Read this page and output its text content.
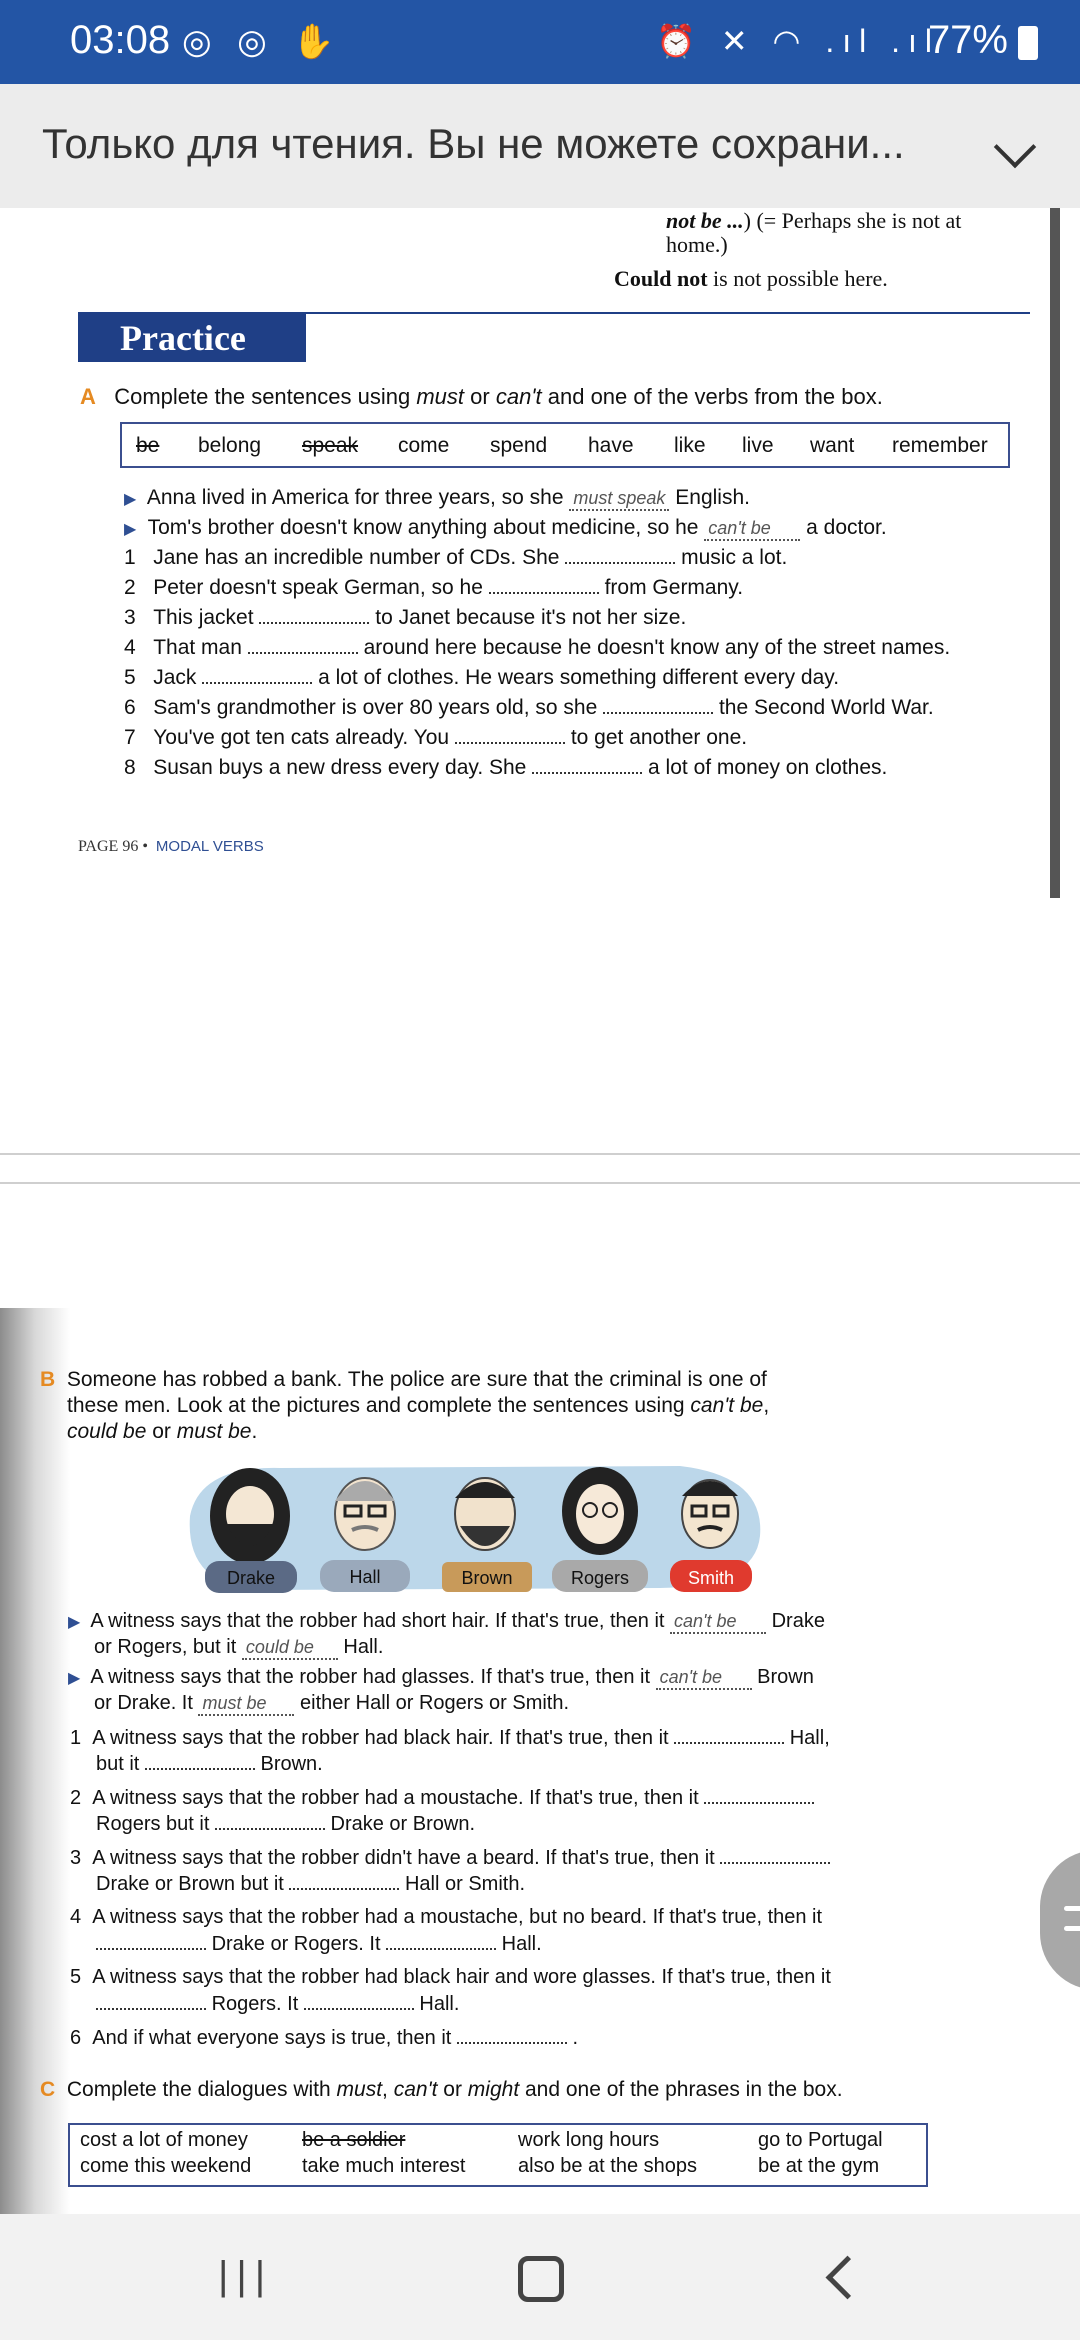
03:08 ◎ ◎ ✋	⏰ ✕ ◠ .ıl .ıl
77%
Только для чтения. Вы не можете сохрани...
not be ...) (= Perhaps she is not at
home.)
Could not is not possible here.
Practice
A Complete the sentences using must or can't and one of the verbs from the box.
be belong speak come spend have like live want remember
▶ Anna lived in America for three years, so she must speak English.
▶ Tom's brother doesn't know anything about medicine, so he can't be a doctor.
1 Jane has an incredible number of CDs. She	music a lot.
2 Peter doesn't speak German, so he	from Germany.
3 This jacket	to Janet because it's not her size.
4 That man	around here because he doesn't know any of the street names.
5 Jack	a lot of clothes. He wears something different every day.
6 Sam's grandmother is over 80 years old, so she	the Second World War.
7 You've got ten cats already. You	to get another one.
8 Susan buys a new dress every day. She	a lot of money on clothes.
PAGE 96 • MODAL VERBS
B Someone has robbed a bank. The police are sure that the criminal is one of
these men. Look at the pictures and complete the sentences using can't be,
could be or must be.
Drake	Hall	Brown	Rogers	Smith
▶ A witness says that the robber had short hair. If that's true, then it can't be Drake
or Rogers, but it could be Hall.
▶ A witness says that the robber had glasses. If that's true, then it can't be Brown
or Drake. It must be either Hall or Rogers or Smith.
1 A witness says that the robber had black hair. If that's true, then it	Hall,
but it	Brown.
2 A witness says that the robber had a moustache. If that's true, then it
Rogers but it	Drake or Brown.
3 A witness says that the robber didn't have a beard. If that's true, then it
Drake or Brown but it	Hall or Smith.
4 A witness says that the robber had a moustache, but no beard. If that's true, then it
Drake or Rogers. It	Hall.
5 A witness says that the robber had black hair and wore glasses. If that's true, then it
Rogers. It	Hall.
6 And if what everyone says is true, then it	.
C Complete the dialogues with must, can't or might and one of the phrases in the box.
cost a lot of money	be a soldier	work long hours	go to Portugal
come this weekend	take much interest	also be at the shops	be at the gym
|||
